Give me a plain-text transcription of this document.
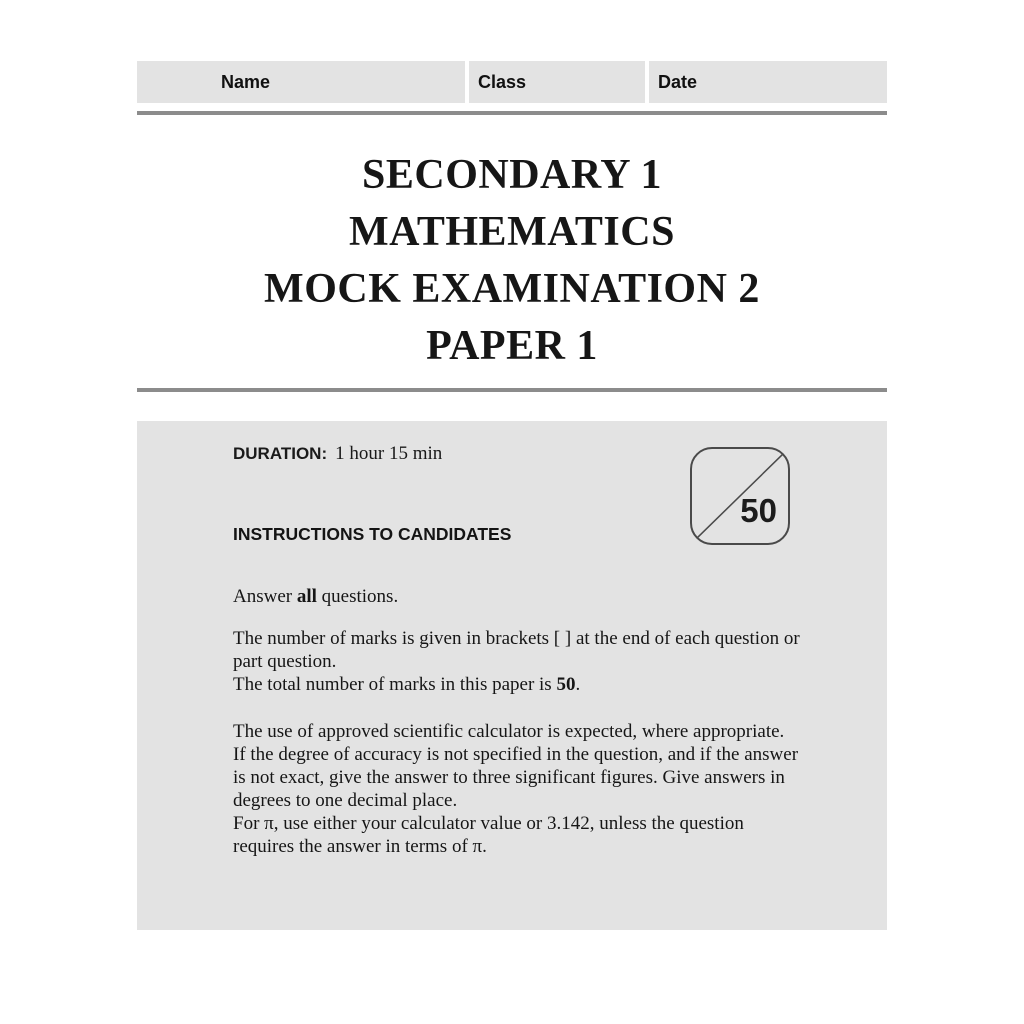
Name	Class	Date
SECONDARY 1
MATHEMATICS
MOCK EXAMINATION 2
PAPER 1
DURATION: 1 hour 15 min
50
INSTRUCTIONS TO CANDIDATES
Answer all questions.
The number of marks is given in brackets [ ] at the end of each question or
part question.
The total number of marks in this paper is 50.
The use of approved scientific calculator is expected, where appropriate.
If the degree of accuracy is not specified in the question, and if the answer
is not exact, give the answer to three significant figures. Give answers in
degrees to one decimal place.
For π, use either your calculator value or 3.142, unless the question
requires the answer in terms of π.
